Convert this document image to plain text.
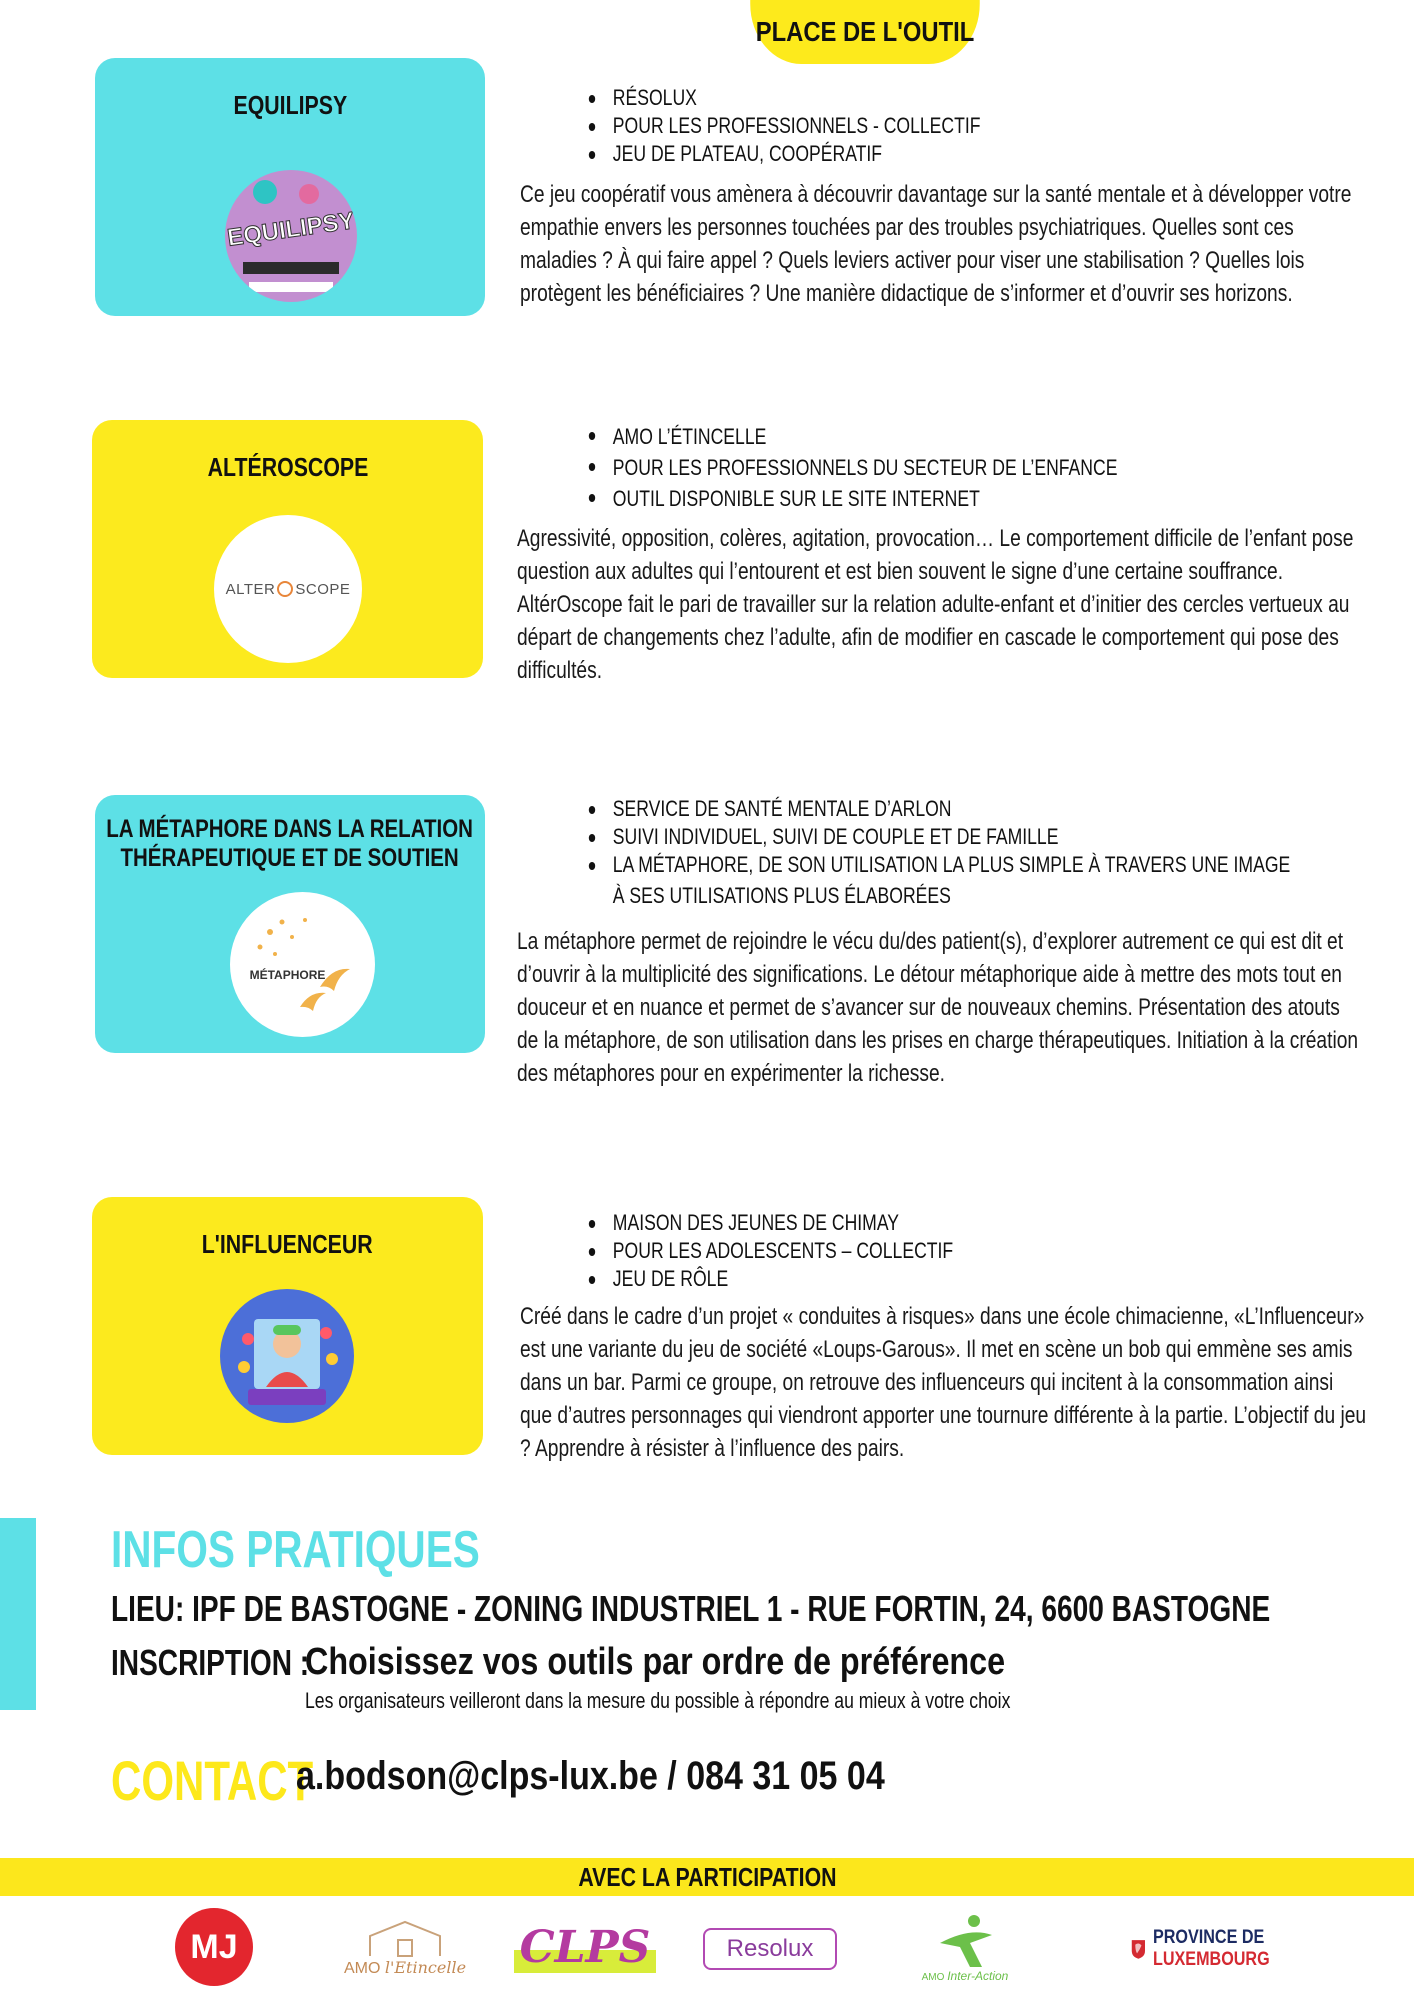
PLACE DE L'OUTIL
EQUILIPSY
EQUILIPSY
RÉSOLUX
POUR LES PROFESSIONNELS - COLLECTIF
JEU DE PLATEAU, COOPÉRATIF

Ce jeu coopératif vous amènera à découvrir davantage sur la santé mentale et à développer votre empathie envers les personnes touchées par des troubles psychiatriques. Quelles sont ces maladies ? À qui faire appel ? Quels leviers activer pour viser une stabilisation ? Quelles lois protègent les bénéficiaires ? Une manière didactique de s’informer et d’ouvrir ses horizons.

ALTÉROSCOPE
ALTER SCOPE
AMO L’ÉTINCELLE
POUR LES PROFESSIONNELS DU SECTEUR DE L’ENFANCE
OUTIL DISPONIBLE SUR LE SITE INTERNET

Agressivité, opposition, colères, agitation, provocation… Le comportement difficile de l’enfant pose question aux adultes qui l’entourent et est bien souvent le signe d’une certaine souffrance. AltérOscope fait le pari de travailler sur la relation adulte-enfant et d’initier des cercles vertueux au départ de changements chez l’adulte, afin de modifier en cascade le comportement qui pose des difficultés.

LA MÉTAPHORE DANS LA RELATION
THÉRAPEUTIQUE ET DE SOUTIEN
MÉTAPHORE
SERVICE DE SANTÉ MENTALE D’ARLON
SUIVI INDIVIDUEL, SUIVI DE COUPLE ET DE FAMILLE
LA MÉTAPHORE, DE SON UTILISATION LA PLUS SIMPLE À TRAVERS UNE IMAGE
À SES UTILISATIONS PLUS ÉLABORÉES

La métaphore permet de rejoindre le vécu du/des patient(s), d’explorer autrement ce qui est dit et d’ouvrir à la multiplicité des significations. Le détour métaphorique aide à mettre des mots tout en douceur et en nuance et permet de s’avancer sur de nouveaux chemins. Présentation des atouts de la métaphore, de son utilisation dans les prises en charge thérapeutiques. Initiation à la création des métaphores pour en expérimenter la richesse.

L'INFLUENCEUR
MAISON DES JEUNES DE CHIMAY
POUR LES ADOLESCENTS – COLLECTIF
JEU DE RÔLE

Créé dans le cadre d’un projet « conduites à risques» dans une école chimacienne, «L’Influenceur» est une variante du jeu de société «Loups-Garous». Il met en scène un bob qui emmène ses amis dans un bar. Parmi ce groupe, on retrouve des influenceurs qui incitent à la consommation ainsi que d’autres personnages qui viendront apporter une tournure différente à la partie. L’objectif du jeu ? Apprendre à résister à l’influence des pairs.

INFOS PRATIQUES
LIEU: IPF DE BASTOGNE - ZONING INDUSTRIEL 1 - RUE FORTIN, 24, 6600 BASTOGNE
INSCRIPTION :
Choisissez vos outils par ordre de préférence
Les organisateurs veilleront dans la mesure du possible à répondre au mieux à votre choix
CONTACT
a.bodson@clps-lux.be / 084 31 05 04
AVEC LA PARTICIPATION
MJ
AMO l'Etincelle CLPS	Resolux
AMO Inter-Action
PROVINCE DE
LUXEMBOURG
